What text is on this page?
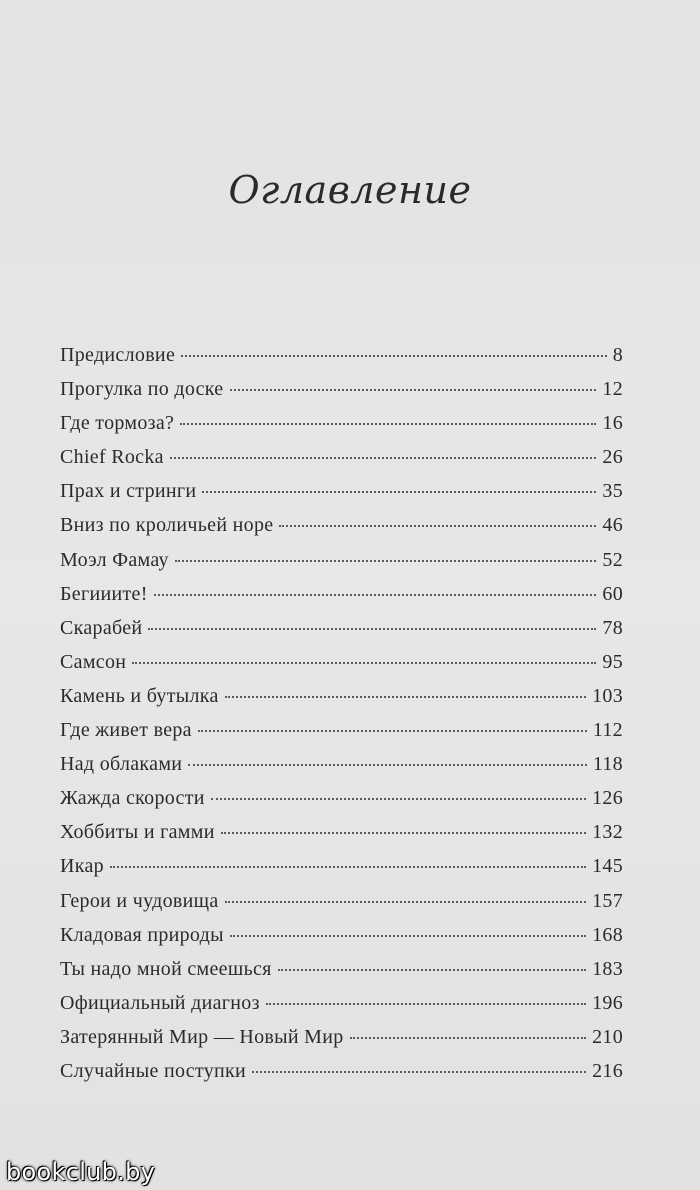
Оглавление
Предисловие	8
Прогулка по доске	12
Где тормоза?	16
Chief Rocka	26
Прах и стринги	35
Вниз по кроличьей норе	46
Моэл Фамау	52
Бегииите!	60
Скарабей	78
Самсон	95
Камень и бутылка	103
Где живет вера	112
Над облаками	118
Жажда скорости	126
Хоббиты и гамми	132
Икар	145
Герои и чудовища	157
Кладовая природы	168
Ты надо мной смеешься	183
Официальный диагноз	196
Затерянный Мир — Новый Мир	210
Случайные поступки	216
bookclub.by
